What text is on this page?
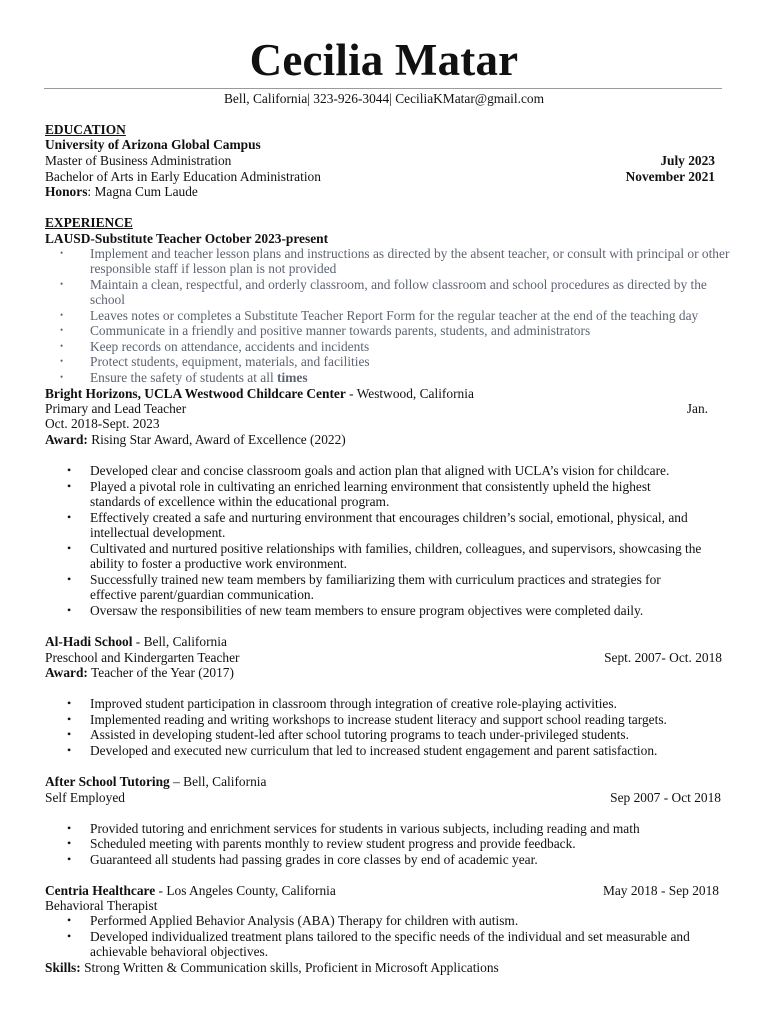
Cecilia Matar
Bell, California| 323-926-3044| CeciliaKMatar@gmail.com
EDUCATION
University of Arizona Global Campus
Master of Business Administration	July 2023
Bachelor of Arts in Early Education Administration	November 2021
Honors: Magna Cum Laude
EXPERIENCE
LAUSD-Substitute Teacher October 2023-present
• Implement and teacher lesson plans and instructions as directed by the absent teacher, or consult with principal or other responsible staff if lesson plan is not provided
• Maintain a clean, respectful, and orderly classroom, and follow classroom and school procedures as directed by the school
• Leaves notes or completes a Substitute Teacher Report Form for the regular teacher at the end of the teaching day
• Communicate in a friendly and positive manner towards parents, students, and administrators
• Keep records on attendance, accidents and incidents
• Protect students, equipment, materials, and facilities
• Ensure the safety of students at all times
Bright Horizons, UCLA Westwood Childcare Center - Westwood, California
Primary and Lead Teacher	Jan.
Oct. 2018-Sept. 2023
Award: Rising Star Award, Award of Excellence (2022)
• Developed clear and concise classroom goals and action plan that aligned with UCLA’s vision for childcare.
• Played a pivotal role in cultivating an enriched learning environment that consistently upheld the highest standards of excellence within the educational program.
• Effectively created a safe and nurturing environment that encourages children’s social, emotional, physical, and intellectual development.
• Cultivated and nurtured positive relationships with families, children, colleagues, and supervisors, showcasing the ability to foster a productive work environment.
• Successfully trained new team members by familiarizing them with curriculum practices and strategies for effective parent/guardian communication.
• Oversaw the responsibilities of new team members to ensure program objectives were completed daily.
Al-Hadi School - Bell, California
Preschool and Kindergarten Teacher	Sept. 2007- Oct. 2018
Award: Teacher of the Year (2017)
• Improved student participation in classroom through integration of creative role-playing activities.
• Implemented reading and writing workshops to increase student literacy and support school reading targets.
• Assisted in developing student-led after school tutoring programs to teach under-privileged students.
• Developed and executed new curriculum that led to increased student engagement and parent satisfaction.
After School Tutoring – Bell, California
Self Employed	Sep 2007 - Oct 2018
• Provided tutoring and enrichment services for students in various subjects, including reading and math
• Scheduled meeting with parents monthly to review student progress and provide feedback.
• Guaranteed all students had passing grades in core classes by end of academic year.
Centria Healthcare - Los Angeles County, California	May 2018 - Sep 2018
Behavioral Therapist
• Performed Applied Behavior Analysis (ABA) Therapy for children with autism.
• Developed individualized treatment plans tailored to the specific needs of the individual and set measurable and achievable behavioral objectives.
Skills: Strong Written & Communication skills, Proficient in Microsoft Applications
